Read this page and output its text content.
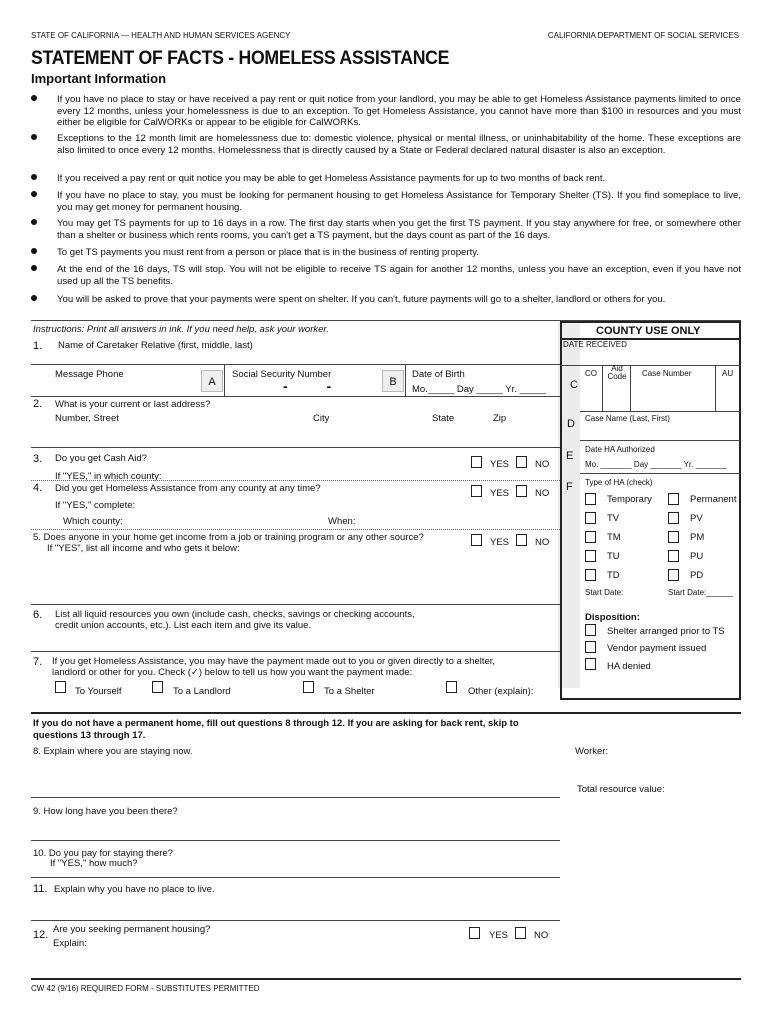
STATE OF CALIFORNIA — HEALTH AND HUMAN SERVICES AGENCY	CALIFORNIA DEPARTMENT OF SOCIAL SERVICES
STATEMENT OF FACTS - HOMELESS ASSISTANCE
Important Information
If you have no place to stay or have received a pay rent or quit notice from your landlord, you may be able to get Homeless Assistance payments limited to once every 12 months, unless your homelessness is due to an exception. To get Homeless Assistance, you cannot have more than $100 in resources and you must either be eligible for CalWORKs or appear to be eligible for CalWORKs.
Exceptions to the 12 month limit are homelessness due to: domestic violence, physical or mental illness, or uninhabitability of the home. These exceptions are also limited to once every 12 months. Homelessness that is directly caused by a State or Federal declared natural disaster is also an exception.
If you received a pay rent or quit notice you may be able to get Homeless Assistance payments for up to two months of back rent.
If you have no place to stay, you must be looking for permanent housing to get Homeless Assistance for Temporary Shelter (TS). If you find someplace to live, you may get money for permanent housing.
You may get TS payments for up to 16 days in a row. The first day starts when you get the first TS payment. If you stay anywhere for free, or somewhere other than a shelter or business which rents rooms, you can't get a TS payment, but the days count as part of the 16 days.
To get TS payments you must rent from a person or place that is in the business of renting property.
At the end of the 16 days, TS will stop. You will not be eligible to receive TS again for another 12 months, unless you have an exception, even if you have not used up all the TS benefits.
You will be asked to prove that your payments were spent on shelter. If you can't, future payments will go to a shelter, landlord or others for you.
Instructions: Print all answers in ink. If you need help, ask your worker.	COUNTY USE ONLY
DATE RECEIVED
C
CO
Aid Code Case Number	AU
D Case Name (Last, First)
E
Date HA Authorized
Mo. _______ Day _______ Yr. _______
F Type of HA (check)
Temporary	Permanent
TV	PV
TM	PM
TU	PU
TD	PD
Start Date:	Start Date:______
Disposition:
Shelter arranged prior to TS
Vendor payment issued
HA denied
1. Name of Caretaker Relative (first, middle, last)
Message Phone
A
Social Security Number
-          -	B
Date of Birth
Mo._____ Day _____ Yr. _____
2. What is your current or last address?
Number, Street	City	State	Zip
3. Do you get Cash Aid?
YES	NO
If "YES," in which county:
4. Did you get Homeless Assistance from any county at any time?	YES	NO
If "YES," complete:
Which county:	When:
5. Does anyone in your home get income from a job or training program or any other source?
If "YES", list all income and who gets it below:
YES	NO
6. List all liquid resources you own (include cash, checks, savings or checking accounts,
credit union accounts, etc.). List each item and give its value.
7. If you get Homeless Assistance, you may have the payment made out to you or given directly to a shelter,
landlord or other for you. Check (✓) below to tell us how you want the payment made:
To Yourself	To a Landlord	To a Shelter	Other (explain):
If you do not have a permanent home, fill out questions 8 through 12. If you are asking for back rent, skip to
questions 13 through 17.
Worker:
Total resource value:
8. Explain where you are staying now.
9. How long have you been there?
10. Do you pay for staying there?
If "YES," how much?
11. Explain why you have no place to live.
12. Are you seeking permanent housing?
Explain:
YES	NO
CW 42 (9/16) REQUIRED FORM - SUBSTITUTES PERMITTED
